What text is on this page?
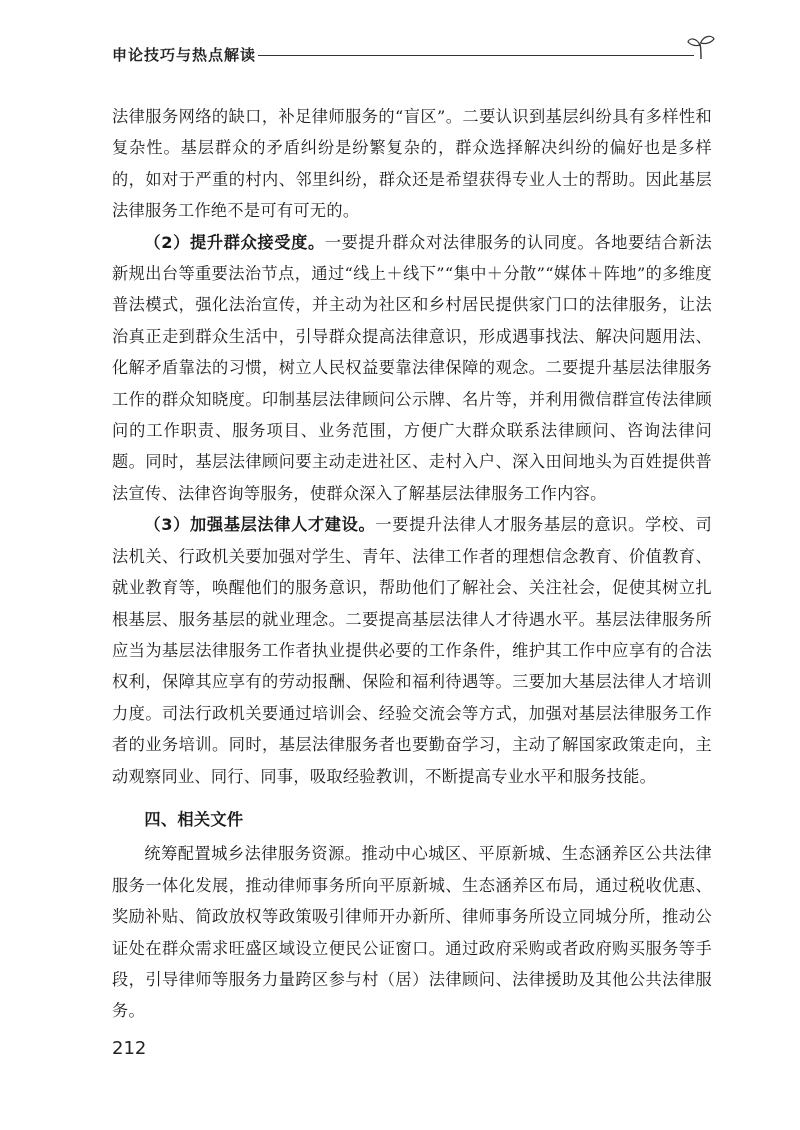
申论技巧与热点解读

法律服务网络的缺口，补足律师服务的“盲区”。二要认识到基层纠纷具有多样性和复杂性。基层群众的矛盾纠纷是纷繁复杂的，群众选择解决纠纷的偏好也是多样的，如对于严重的村内、邻里纠纷，群众还是希望获得专业人士的帮助。因此基层法律服务工作绝不是可有可无的。

（2）提升群众接受度。一要提升群众对法律服务的认同度。各地要结合新法新规出台等重要法治节点，通过“线上＋线下”“集中＋分散”“媒体＋阵地”的多维度普法模式，强化法治宣传，并主动为社区和乡村居民提供家门口的法律服务，让法治真正走到群众生活中，引导群众提高法律意识，形成遇事找法、解决问题用法、化解矛盾靠法的习惯，树立人民权益要靠法律保障的观念。二要提升基层法律服务工作的群众知晓度。印制基层法律顾问公示牌、名片等，并利用微信群宣传法律顾问的工作职责、服务项目、业务范围，方便广大群众联系法律顾问、咨询法律问题。同时，基层法律顾问要主动走进社区、走村入户、深入田间地头为百姓提供普法宣传、法律咨询等服务，使群众深入了解基层法律服务工作内容。

（3）加强基层法律人才建设。一要提升法律人才服务基层的意识。学校、司法机关、行政机关要加强对学生、青年、法律工作者的理想信念教育、价值教育、就业教育等，唤醒他们的服务意识，帮助他们了解社会、关注社会，促使其树立扎根基层、服务基层的就业理念。二要提高基层法律人才待遇水平。基层法律服务所应当为基层法律服务工作者执业提供必要的工作条件，维护其工作中应享有的合法权利，保障其应享有的劳动报酬、保险和福利待遇等。三要加大基层法律人才培训力度。司法行政机关要通过培训会、经验交流会等方式，加强对基层法律服务工作者的业务培训。同时，基层法律服务者也要勤奋学习，主动了解国家政策走向，主动观察同业、同行、同事，吸取经验教训，不断提高专业水平和服务技能。

四、相关文件

统筹配置城乡法律服务资源。推动中心城区、平原新城、生态涵养区公共法律服务一体化发展，推动律师事务所向平原新城、生态涵养区布局，通过税收优惠、奖励补贴、简政放权等政策吸引律师开办新所、律师事务所设立同城分所，推动公证处在群众需求旺盛区域设立便民公证窗口。通过政府采购或者政府购买服务等手段，引导律师等服务力量跨区参与村（居）法律顾问、法律援助及其他公共法律服务。

212
